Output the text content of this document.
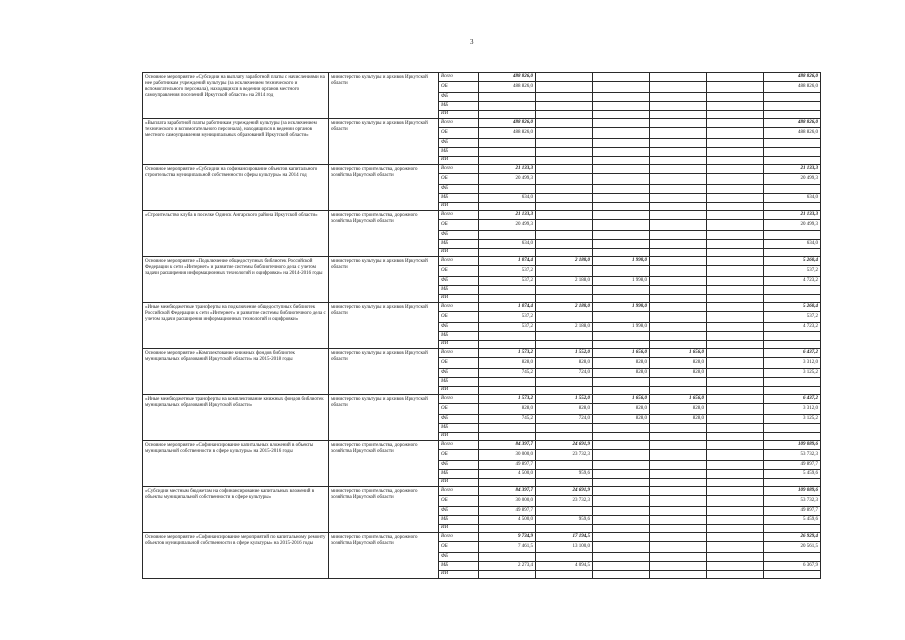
3
Основное мероприятие «Субсидии на выплату заработной платы с начислениями на нее работникам учреждений культуры (за исключением технического и вспомогательного персонала), находящихся в ведении органов местного самоуправления поселений Иркутской области» на 2014 год	министерство культуры и архивов Иркутской области	Всего	488 826,0					488 826,0
		ОБ	488 826,0					488 826,0
		ФБ						
		МБ						
		ИИ						
«Выплата заработной платы работникам учреждений культуры (за исключением технического и вспомогательного персонала), находящихся в ведении органов местного самоуправления муниципальных образований Иркутской области»	министерство культуры и архивов Иркутской области	Всего	488 826,0					488 826,0
		ОБ	488 826,0					488 826,0
		ФБ						
		МБ						
		ИИ						
Основное мероприятие «Субсидии на софинансирование объектов капитального строительства муниципальной собственности сферы культуры» на 2014 год	министерство строительства, дорожного хозяйства Иркутской области	Всего	21 133,3					21 133,3
		ОБ	20 499,3					20 499,3
		ФБ						
		МБ	634,0					634,0
		ИИ						
«Строительство клуба в поселке Одинск Ангарского района Иркутской области»	министерство строительства, дорожного хозяйства Иркутской области	Всего	21 133,3					21 133,3
		ОБ	20 499,3					20 499,3
		ФБ						
		МБ	634,0					634,0
		ИИ						
Основное мероприятие «Подключение общедоступных библиотек Российской Федерации к сети «Интернет» и развитие системы библиотечного дела с учетом задачи расширения информационных технологий и оцифровки» на 2014-2016 годы	министерство культуры и архивов Иркутской области	Всего	1 074,4	2 188,0	1 998,0			5 260,4
		ОБ	537,2					537,2
		ФБ	537,2	2 188,0	1 998,0			4 723,2
		МБ						
		ИИ						
«Иные межбюджетные трансферты на подключение общедоступных библиотек Российской Федерации к сети «Интернет» и развитие системы библиотечного дела с учетом задачи расширения информационных технологий и оцифровки»	министерство культуры и архивов Иркутской области	Всего	1 074,4	2 188,0	1 998,0			5 260,4
		ОБ	537,2					537,2
		ФБ	537,2	2 188,0	1 998,0			4 723,2
		МБ						
		ИИ						
Основное мероприятие «Комплектование книжных фондов библиотек муниципальных образований Иркутской области» на 2015-2018 годы	министерство культуры и архивов Иркутской области	Всего	1 573,2	1 552,0	1 656,0	1 656,0		6 437,2
		ОБ	828,0	828,0	828,0	828,0		3 312,0
		ФБ	745,2	724,0	828,0	828,0		3 125,2
		МБ						
		ИИ						
«Иные межбюджетные трансферты на комплектование книжных фондов библиотек муниципальных образований Иркутской области»	министерство культуры и архивов Иркутской области	Всего	1 573,2	1 552,0	1 656,0	1 656,0		6 437,2
		ОБ	828,0	828,0	828,0	828,0		3 312,0
		ФБ	745,2	724,0	828,0	828,0		3 125,2
		МБ						
		ИИ						
Основное мероприятие «Софинансирование капитальных вложений в объекты муниципальной собственности в сфере культуры» на 2015-2016 годы	министерство строительства, дорожного хозяйства Иркутской области	Всего	84 397,7	24 691,9				109 089,6
		ОБ	30 000,0	23 732,3				53 732,3
		ФБ	49 897,7					49 897,7
		МБ	4 500,0	959,6				5 459,6
		ИИ						
«Субсидии местным бюджетам на софинансирование капитальных вложений в объекты муниципальной собственности в сфере культуры»	министерство строительства, дорожного хозяйства Иркутской области	Всего	84 397,7	24 691,9				109 089,6
		ОБ	30 000,0	23 732,3				53 732,3
		ФБ	49 897,7					49 897,7
		МБ	4 500,0	959,6				5 459,6
		ИИ						
Основное мероприятие «Софинансирование мероприятий по капитальному ремонту объектов муниципальной собственности в сфере культуры» на 2015-2016 годы	министерство строительства, дорожного хозяйства Иркутской области	Всего	9 734,9	17 194,5				26 929,4
		ОБ	7 461,5	13 100,0				20 561,5
		ФБ						
		МБ	2 273,4	4 094,5				6 367,9
		ИИ						
